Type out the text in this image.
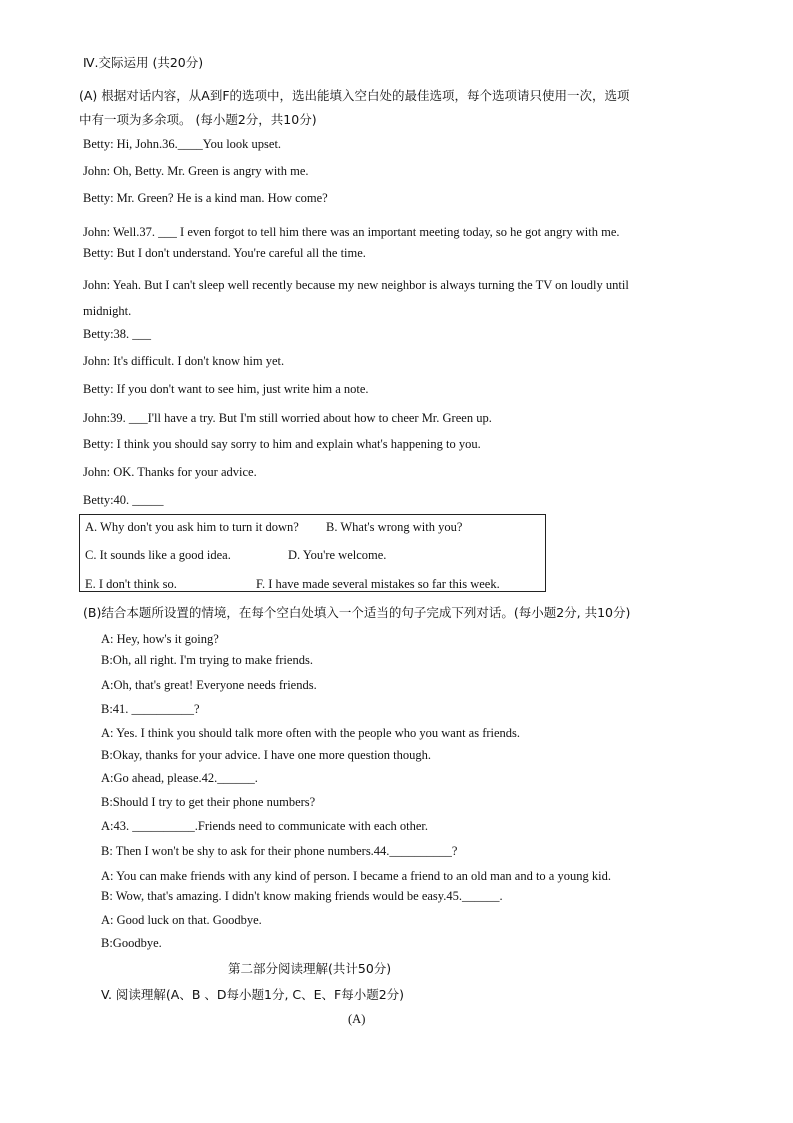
Ⅳ.交际运用 (共20分)
(A) 根据对话内容，从A到F的选项中，选出能填入空白处的最佳选项，每个选项请只使用一次，选项
中有一项为多余项。 (每小题2分，共10分)
Betty: Hi, John.36.____You look upset.
John: Oh, Betty. Mr. Green is angry with me.
Betty: Mr. Green? He is a kind man. How come?
John: Well.37. ___ I even forgot to tell him there was an important meeting today, so he got angry with me.
Betty: But I don't understand. You're careful all the time.
John: Yeah. But I can't sleep well recently because my new neighbor is always turning the TV on loudly until
midnight.
Betty:38. ___
John: It's difficult. I don't know him yet.
Betty: If you don't want to see him, just write him a note.
John:39. ___I'll have a try. But I'm still worried about how to cheer Mr. Green up.
Betty: I think you should say sorry to him and explain what's happening to you.
John: OK. Thanks for your advice.
Betty:40. _____
A. Why don't you ask him to turn it down? B. What's wrong with you?
C. It sounds like a good idea.	D. You're welcome.
E. I don't think so.	F. I have made several mistakes so far this week.
(B)结合本题所设置的情境，在每个空白处填入一个适当的句子完成下列对话。(每小题2分, 共10分)
A: Hey, how's it going?
B:Oh, all right. I'm trying to make friends.
A:Oh, that's great! Everyone needs friends.
B:41. __________?
A: Yes. I think you should talk more often with the people who you want as friends.
B:Okay, thanks for your advice. I have one more question though.
A:Go ahead, please.42.______.
B:Should I try to get their phone numbers?
A:43. __________.Friends need to communicate with each other.
B: Then I won't be shy to ask for their phone numbers.44.__________?
A: You can make friends with any kind of person. I became a friend to an old man and to a young kid.
B: Wow, that's amazing. I didn't know making friends would be easy.45.______.
A: Good luck on that. Goodbye.
B:Goodbye.
第二部分阅读理解(共计50分)
V. 阅读理解(A、B 、D每小题1分, C、E、F每小题2分)
(A)
